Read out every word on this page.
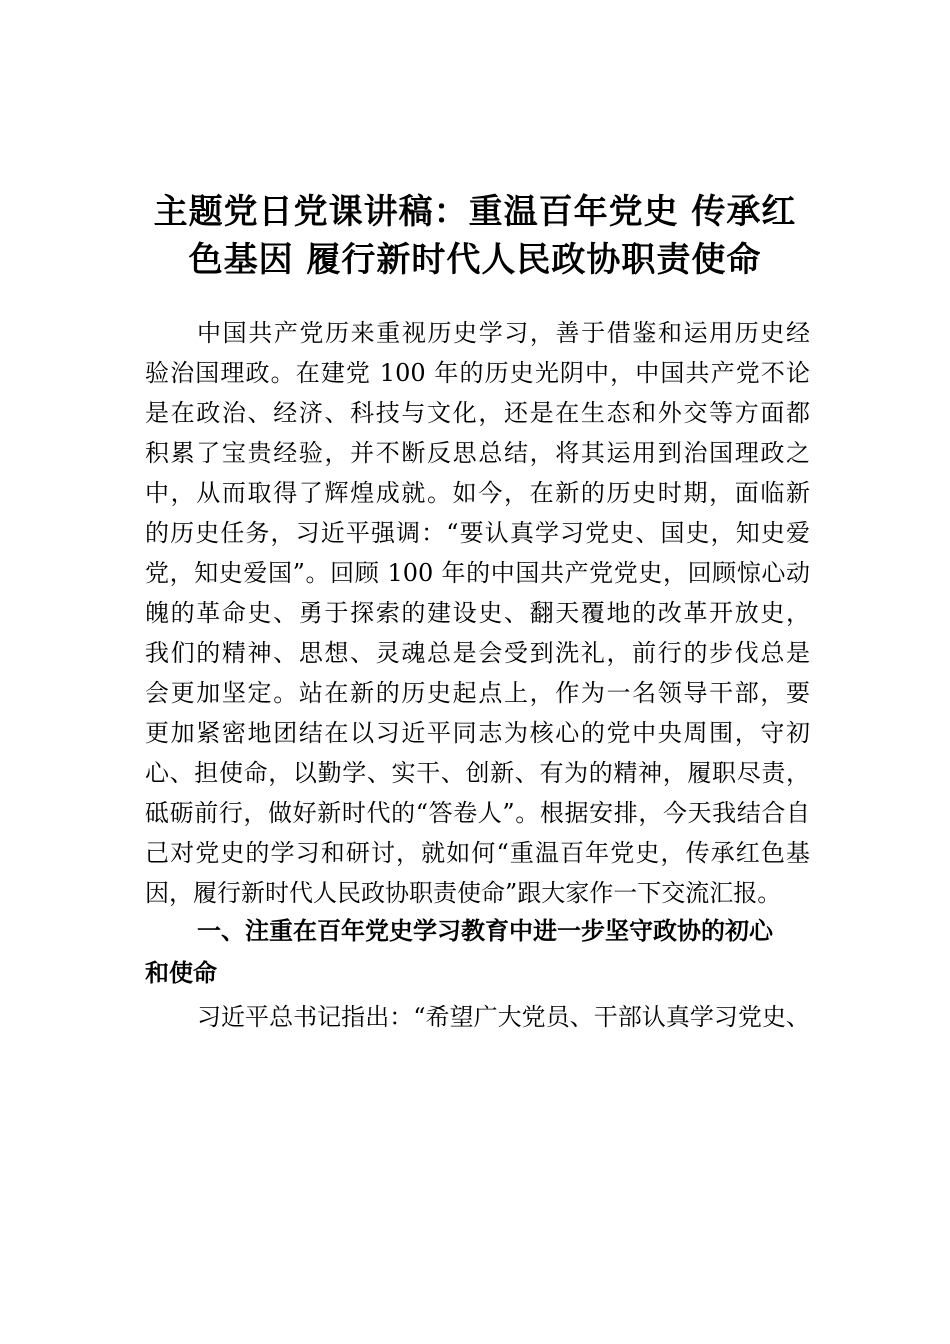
主题党日党课讲稿：重温百年党史 传承红
色基因 履行新时代人民政协职责使命
中国共产党历来重视历史学习，善于借鉴和运用历史经
验治国理政。在建党 100 年的历史光阴中，中国共产党不论
是在政治、经济、科技与文化，还是在生态和外交等方面都
积累了宝贵经验，并不断反思总结，将其运用到治国理政之
中，从而取得了辉煌成就。如今，在新的历史时期，面临新
的历史任务，习近平强调：“要认真学习党史、国史，知史爱
党，知史爱国”。回顾 100 年的中国共产党党史，回顾惊心动
魄的革命史、勇于探索的建设史、翻天覆地的改革开放史，
我们的精神、思想、灵魂总是会受到洗礼，前行的步伐总是
会更加坚定。站在新的历史起点上，作为一名领导干部，要
更加紧密地团结在以习近平同志为核心的党中央周围，守初
心、担使命，以勤学、实干、创新、有为的精神，履职尽责，
砥砺前行，做好新时代的“答卷人”。根据安排，今天我结合自
己对党史的学习和研讨，就如何“重温百年党史，传承红色基
因，履行新时代人民政协职责使命”跟大家作一下交流汇报。
一、注重在百年党史学习教育中进一步坚守政协的初心
和使命
习近平总书记指出：“希望广大党员、干部认真学习党史、
